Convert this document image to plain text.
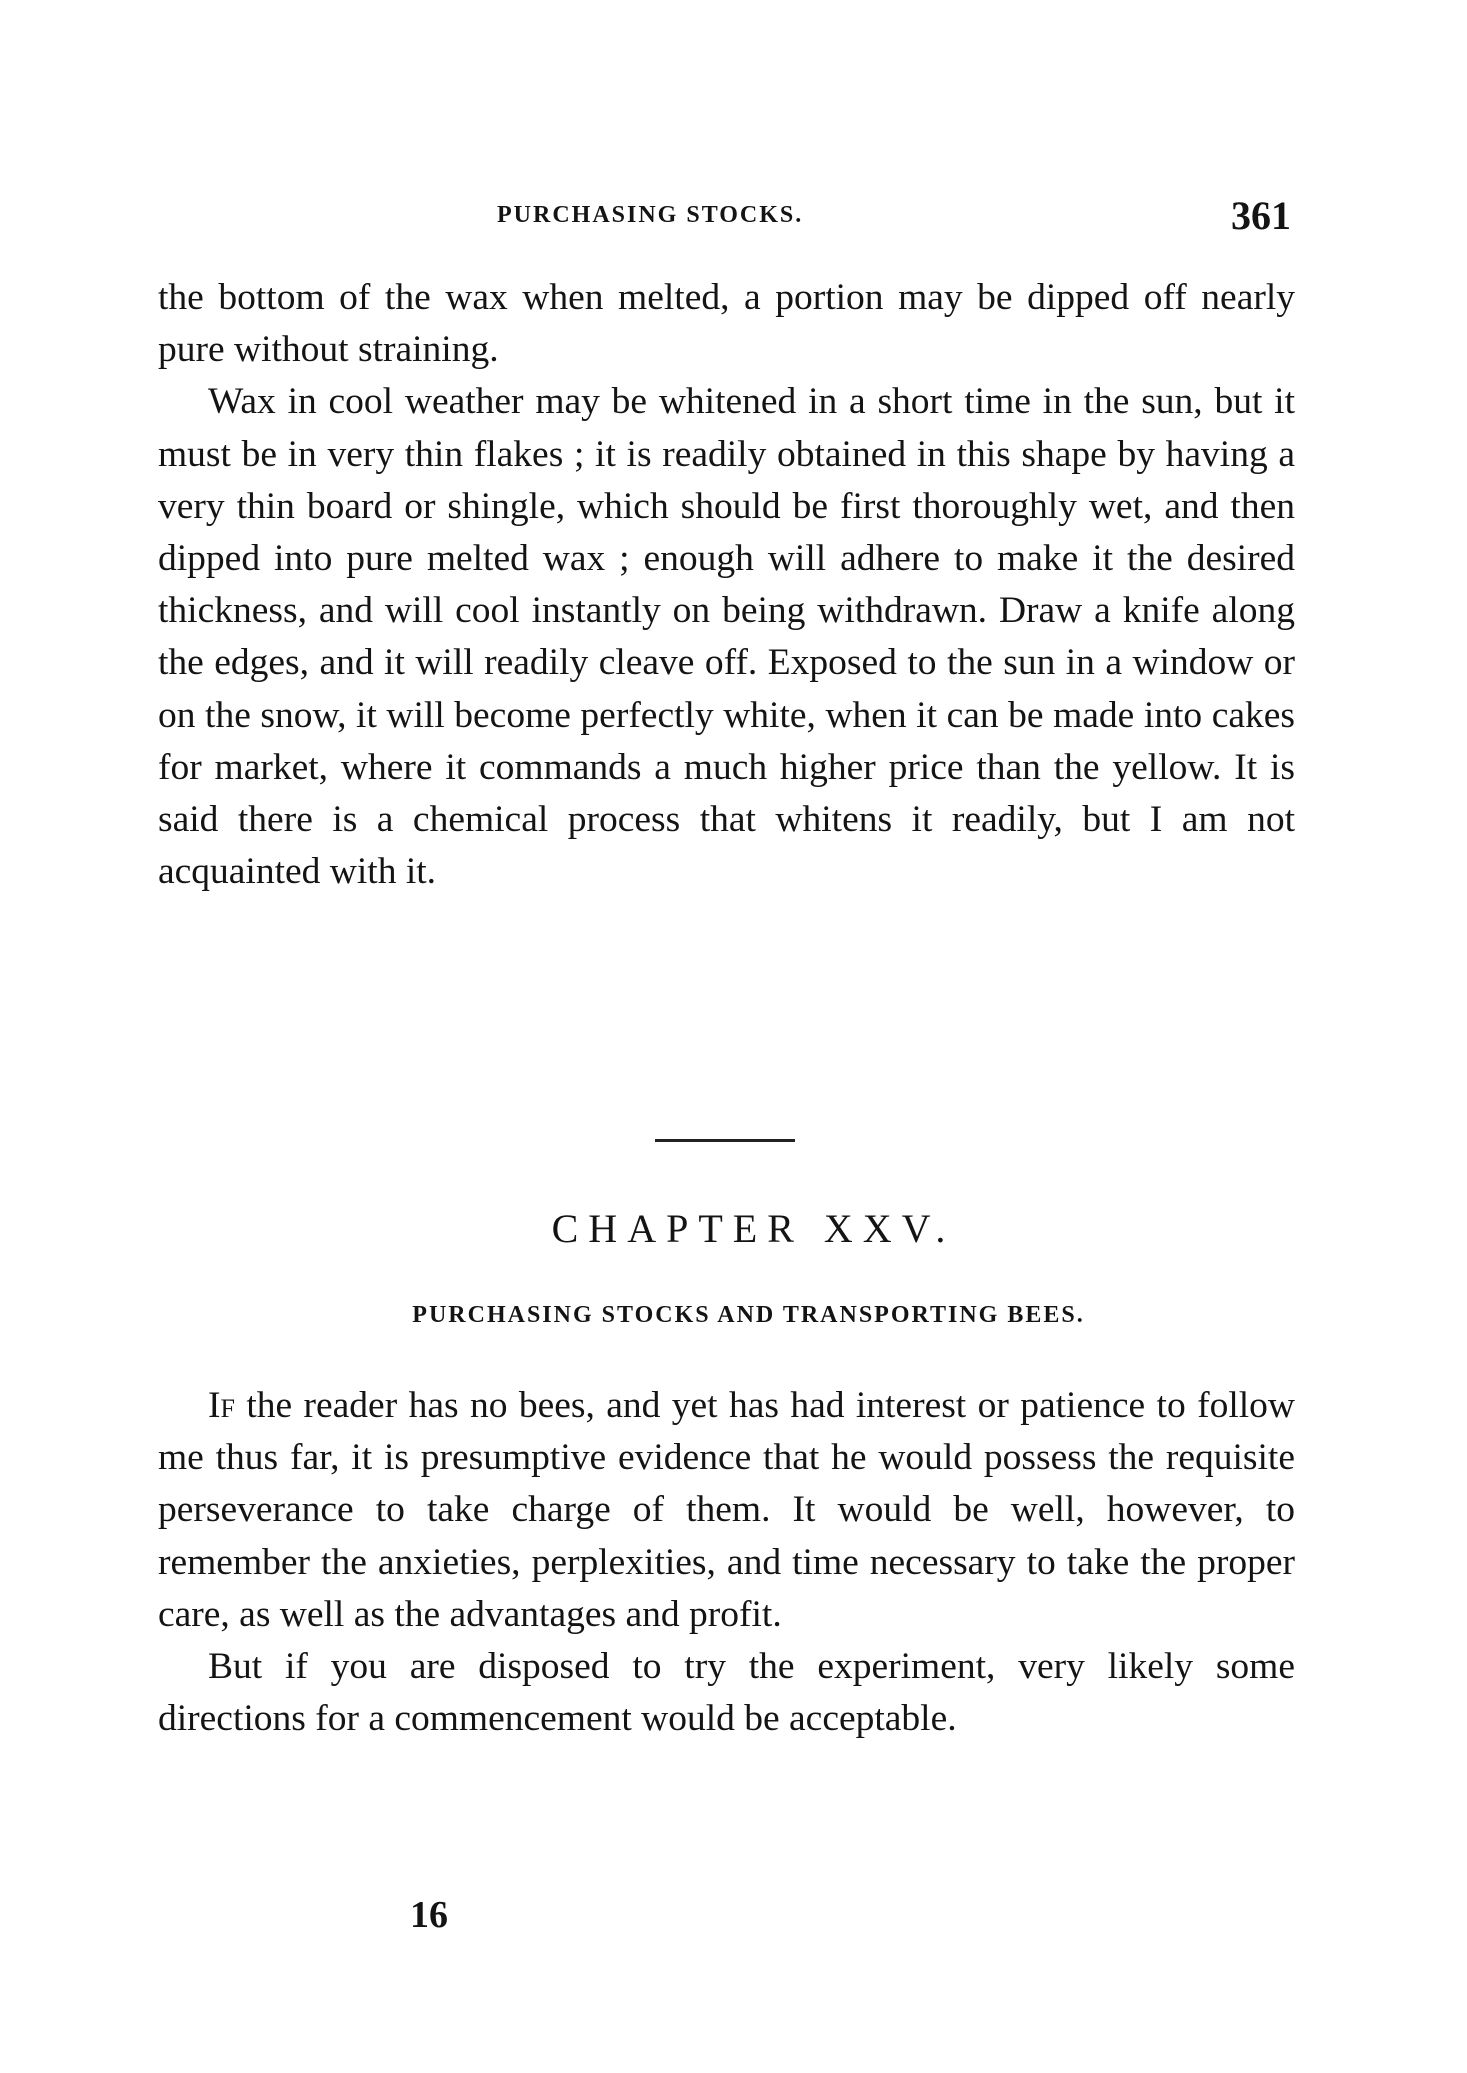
PURCHASING STOCKS.	361

the bottom of the wax when melted, a portion may be dipped off nearly pure without straining.

Wax in cool weather may be whitened in a short time in the sun, but it must be in very thin flakes ; it is readily obtained in this shape by having a very thin board or shingle, which should be first thoroughly wet, and then dipped into pure melted wax ; enough will adhere to make it the desired thickness, and will cool instantly on being withdrawn. Draw a knife along the edges, and it will readily cleave off. Exposed to the sun in a window or on the snow, it will become perfectly white, when it can be made into cakes for market, where it commands a much higher price than the yellow. It is said there is a chemical process that whitens it readily, but I am not acquainted with it.

CHAPTER XXV.
PURCHASING STOCKS AND TRANSPORTING BEES.

If the reader has no bees, and yet has had interest or patience to follow me thus far, it is presumptive evidence that he would possess the requisite perseverance to take charge of them. It would be well, however, to remember the anxieties, perplexities, and time necessary to take the proper care, as well as the advantages and profit.

But if you are disposed to try the experiment, very likely some directions for a commencement would be acceptable.

16
